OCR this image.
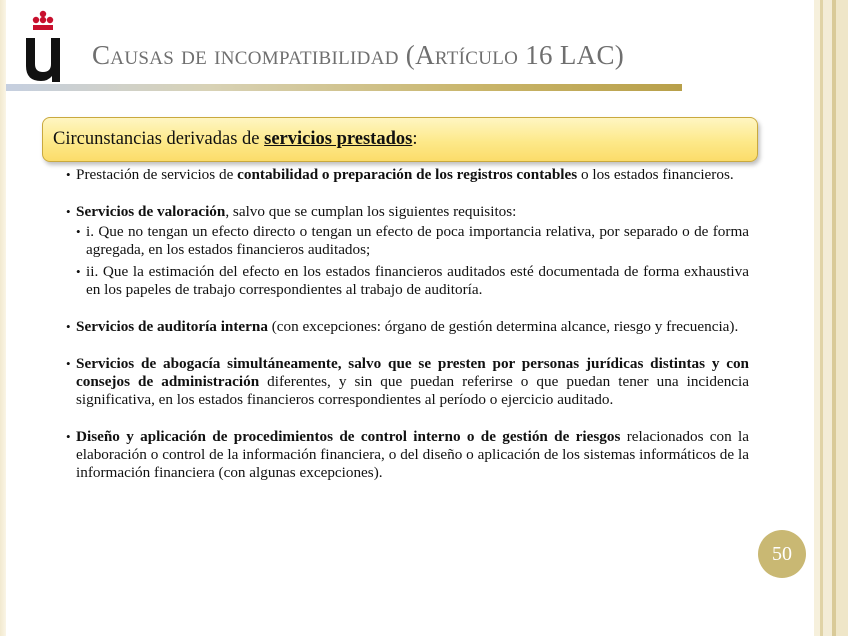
Causas de incompatibilidad (Artículo 16 LAC)
Circunstancias derivadas de servicios prestados:
• Prestación de servicios de contabilidad o preparación de los registros contables o los estados financieros.
• Servicios de valoración, salvo que se cumplan los siguientes requisitos:
• i. Que no tengan un efecto directo o tengan un efecto de poca importancia relativa, por separado o de forma agregada, en los estados financieros auditados;
• ii. Que la estimación del efecto en los estados financieros auditados esté documentada de forma exhaustiva en los papeles de trabajo correspondientes al trabajo de auditoría.
• Servicios de auditoría interna (con excepciones: órgano de gestión determina alcance, riesgo y frecuencia).
• Servicios de abogacía simultáneamente, salvo que se presten por personas jurídicas distintas y con consejos de administración diferentes, y sin que puedan referirse o que puedan tener una incidencia significativa, en los estados financieros correspondientes al período o ejercicio auditado.
• Diseño y aplicación de procedimientos de control interno o de gestión de riesgos relacionados con la elaboración o control de la información financiera, o del diseño o aplicación de los sistemas informáticos de la información financiera (con algunas excepciones).
50
